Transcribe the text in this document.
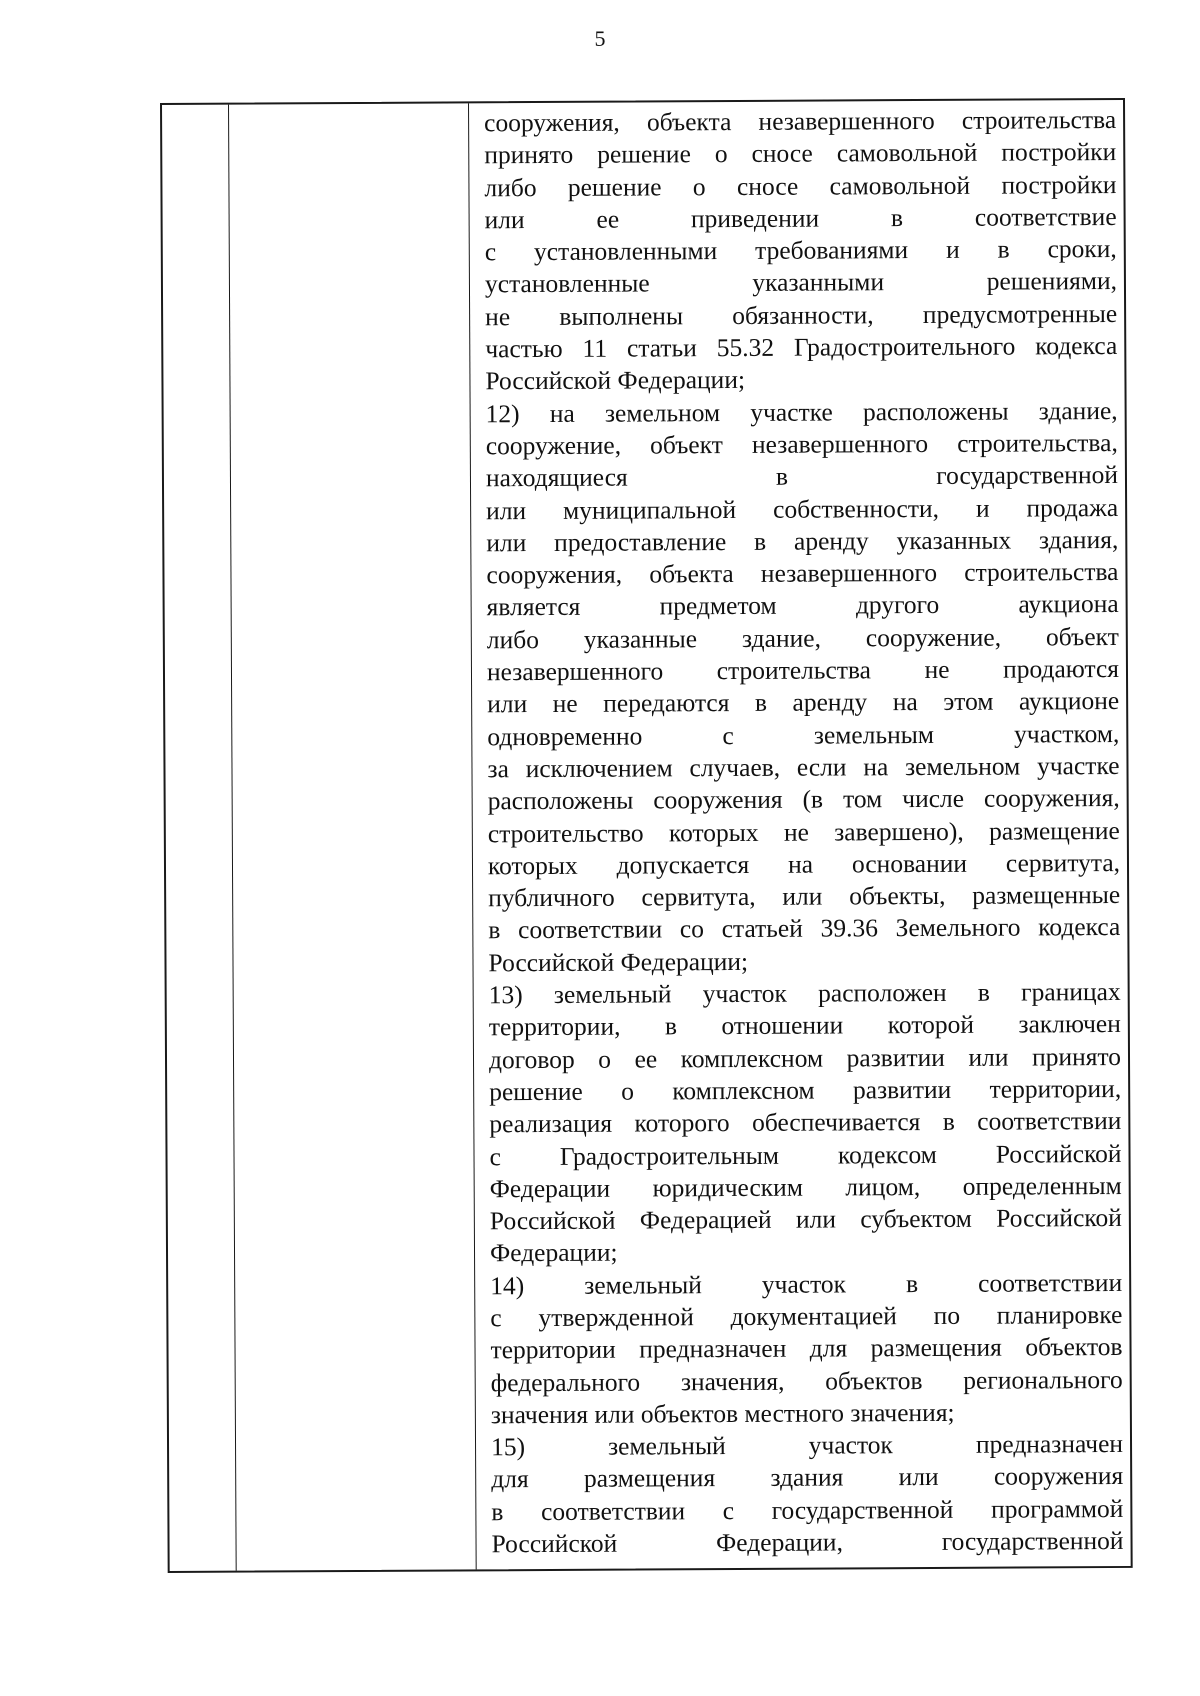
5
сооружения, объекта незавершенного строительства
принято решение о сносе самовольной постройки
либо решение о сносе самовольной постройки
или ее приведении в соответствие
с установленными требованиями и в сроки,
установленные указанными решениями,
не выполнены обязанности, предусмотренные
частью 11 статьи 55.32 Градостроительного кодекса
Российской Федерации;
12) на земельном участке расположены здание,
сооружение, объект незавершенного строительства,
находящиеся в государственной
или муниципальной собственности, и продажа
или предоставление в аренду указанных здания,
сооружения, объекта незавершенного строительства
является предметом другого аукциона
либо указанные здание, сооружение, объект
незавершенного строительства не продаются
или не передаются в аренду на этом аукционе
одновременно с земельным участком,
за исключением случаев, если на земельном участке
расположены сооружения (в том числе сооружения,
строительство которых не завершено), размещение
которых допускается на основании сервитута,
публичного сервитута, или объекты, размещенные
в соответствии со статьей 39.36 Земельного кодекса
Российской Федерации;
13) земельный участок расположен в границах
территории, в отношении которой заключен
договор о ее комплексном развитии или принято
решение о комплексном развитии территории,
реализация которого обеспечивается в соответствии
с Градостроительным кодексом Российской
Федерации юридическим лицом, определенным
Российской Федерацией или субъектом Российской
Федерации;
14) земельный участок в соответствии
с утвержденной документацией по планировке
территории предназначен для размещения объектов
федерального значения, объектов регионального
значения или объектов местного значения;
15) земельный участок предназначен
для размещения здания или сооружения
в соответствии с государственной программой
Российской Федерации, государственной
